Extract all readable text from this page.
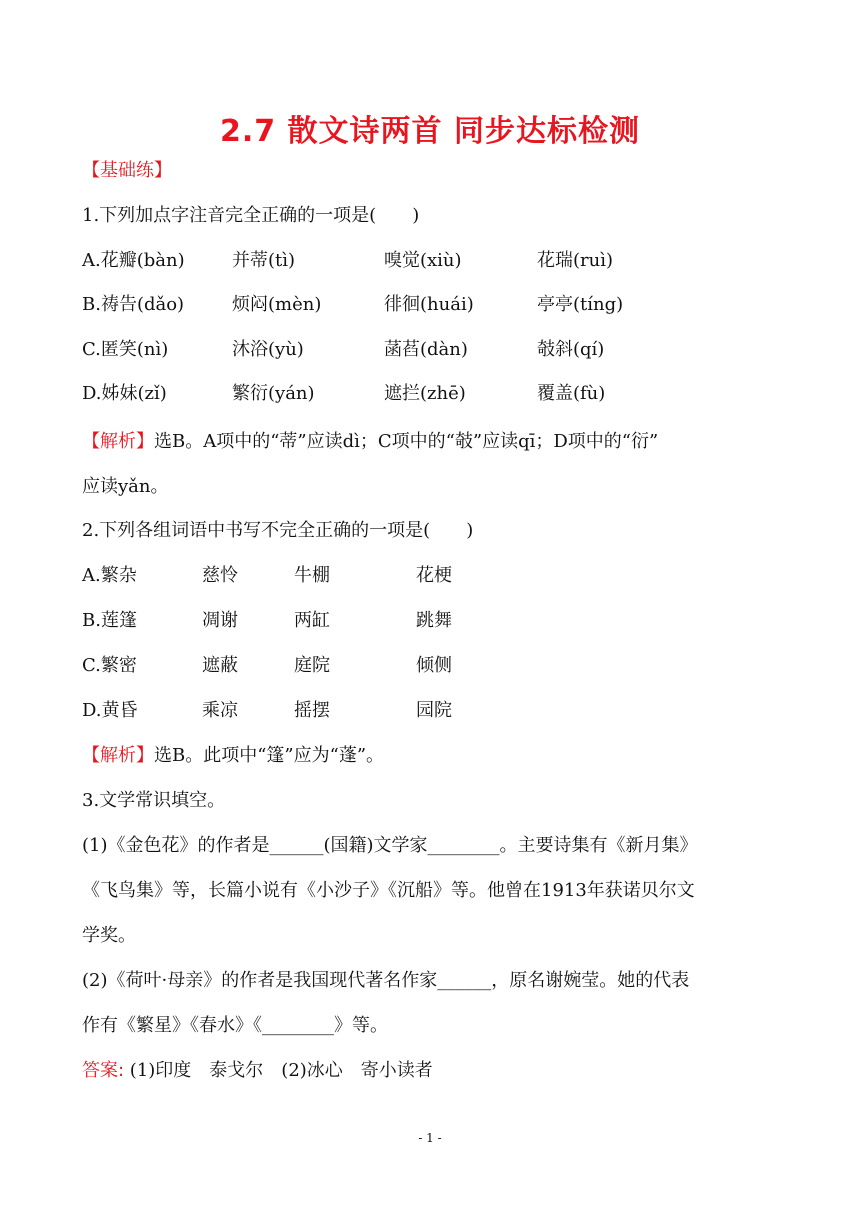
2.7 散文诗两首 同步达标检测
【基础练】
1.下列加点字注音完全正确的一项是(　　)
A.花瓣(bàn)	并蒂(tì)	嗅觉(xiù)	花瑞(ruì)
B.祷告(dǎo)	烦闷(mèn)	徘徊(huái)	亭亭(tíng)
C.匿笑(nì)	沐浴(yù)	菡萏(dàn)	攲斜(qí)
D.姊妹(zǐ)	繁衍(yán)	遮拦(zhē)	覆盖(fù)
【解析】选B。A项中的“蒂”应读dì；C项中的“攲”应读qī；D项中的“衍”
应读yǎn。
2.下列各组词语中书写不完全正确的一项是(　　)
A.繁杂	慈怜	牛棚	花梗
B.莲篷	凋谢	两缸	跳舞
C.繁密	遮蔽	庭院	倾侧
D.黄昏	乘凉	摇摆	园院
【解析】选B。此项中“篷”应为“蓬”。
3.文学常识填空。
(1)《金色花》的作者是______(国籍)文学家________。主要诗集有《新月集》
《飞鸟集》等，长篇小说有《小沙子》《沉船》等。他曾在1913年获诺贝尔文
学奖。
(2)《荷叶·母亲》的作者是我国现代著名作家______，原名谢婉莹。她的代表
作有《繁星》《春水》《________》等。
答案: (1)印度　泰戈尔　(2)冰心　寄小读者
- 1 -
